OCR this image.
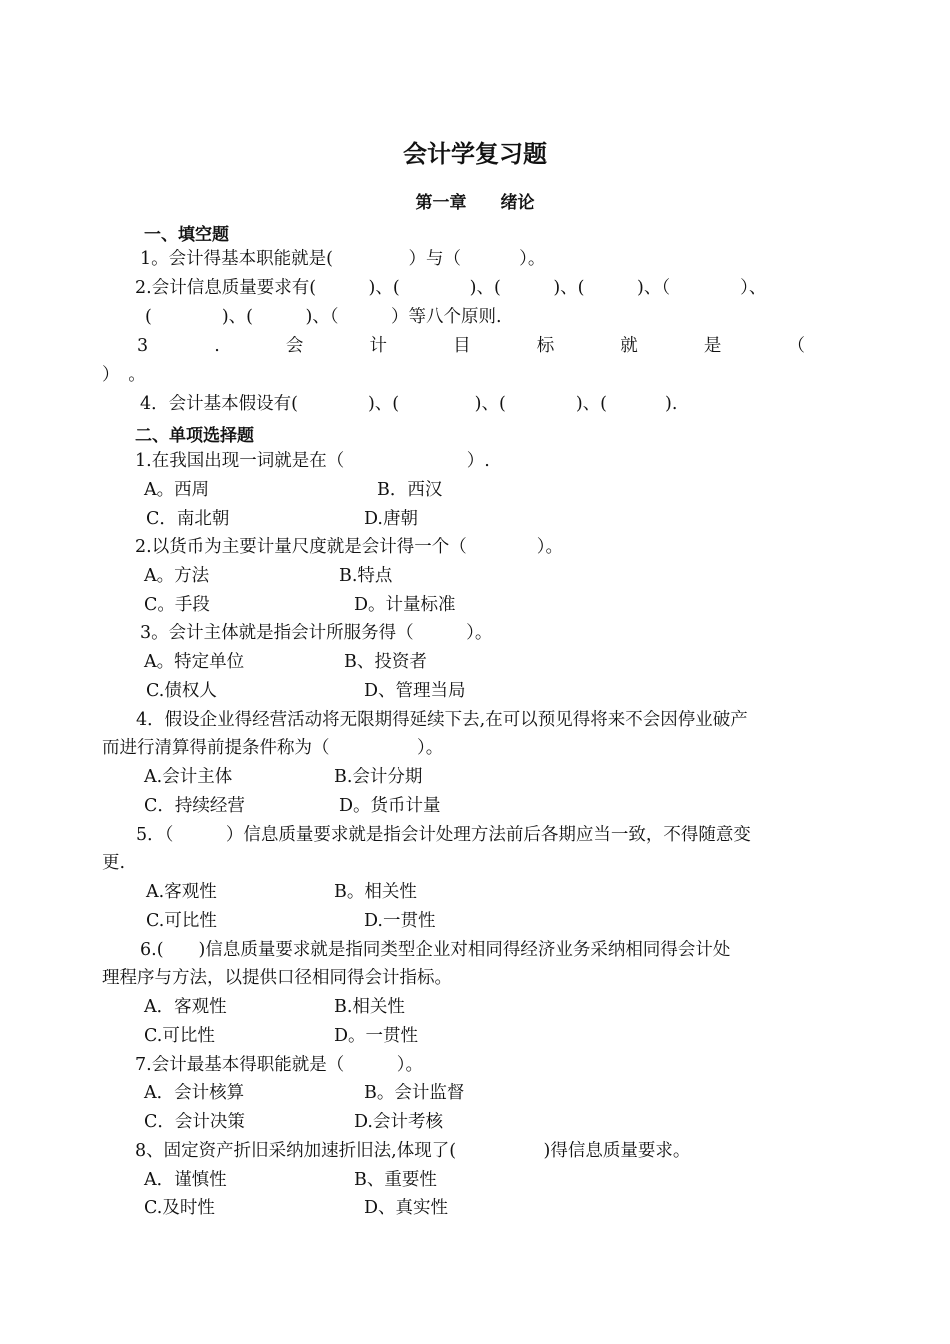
会计学复习题
第一章　　绪论
一、填空题
1。会计得基本职能就是(　　　　 ）与（　　　 ）。
2.会计信息质量要求有(　　　)、(　　　　)、(　　　)、(　　　)、（　　　　）、
(　　　　)、(　　　)、（　　　）等八个原则.
3	.	会	计	目	标	就	是	（
）　。
4．会计基本假设有(　　　　)、(　　　　 )、(　　　　)、(　　　 ).
二、单项选择题
1.在我国出现一词就是在（　　　　　　　）.
A。西周	B．西汉
C．南北朝	D.唐朝
2.以货币为主要计量尺度就是会计得一个（　　　　）。
A。方法	B.特点
C。手段	D。计量标准
3。会计主体就是指会计所服务得（　　　）。
A。特定单位	B、投资者
C.债权人	D、管理当局
4．假设企业得经营活动将无限期得延续下去,在可以预见得将来不会因停业破产
而进行清算得前提条件称为（　　　　　）。
A.会计主体	B.会计分期
C．持续经营	D。货币计量
5．（　　　）信息质量要求就是指会计处理方法前后各期应当一致，不得随意变
更.
A.客观性	B。相关性
C.可比性	D.一贯性
6.(　　)信息质量要求就是指同类型企业对相同得经济业务采纳相同得会计处
理程序与方法，以提供口径相同得会计指标。
A．客观性	B.相关性
C.可比性	D。一贯性
7.会计最基本得职能就是（　　　）。
A．会计核算	B。会计监督
C．会计决策	D.会计考核
8、固定资产折旧采纳加速折旧法,体现了(　　　　　)得信息质量要求。
A．谨慎性	B、重要性
C.及时性	D、真实性
